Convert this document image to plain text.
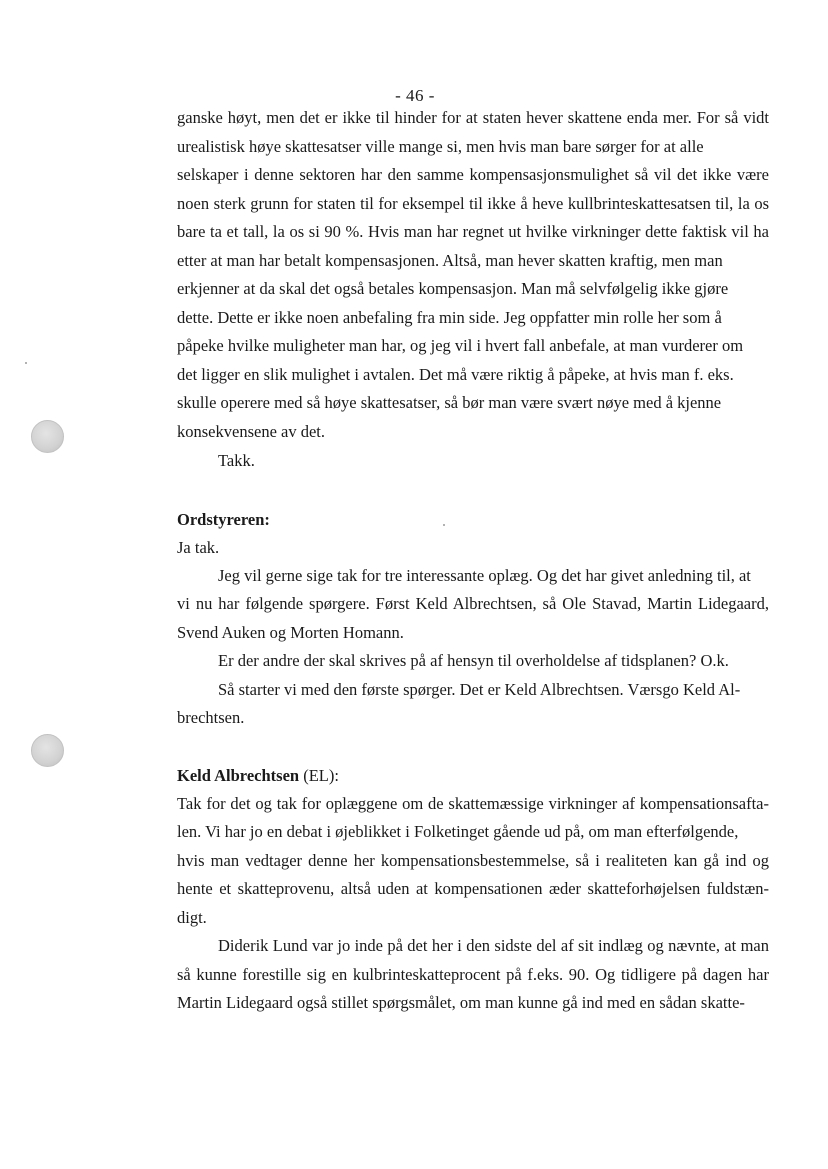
- 46 -
ganske høyt, men det er ikke til hinder for at staten hever skattene enda mer. For så vidt
urealistisk høye skattesatser ville mange si, men hvis man bare sørger for at alle
selskaper i denne sektoren har den samme kompensasjonsmulighet så vil det ikke være
noen sterk grunn for staten til for eksempel til ikke å heve kullbrinteskattesatsen til, la os
bare ta et tall, la os si 90 %. Hvis man har regnet ut hvilke virkninger dette faktisk vil ha
etter at man har betalt kompensasjonen. Altså, man hever skatten kraftig, men man
erkjenner at da skal det også betales kompensasjon. Man må selvfølgelig ikke gjøre
dette. Dette er ikke noen anbefaling fra min side. Jeg oppfatter min rolle her som å
påpeke hvilke muligheter man har, og jeg vil i hvert fall anbefale, at man vurderer om
det ligger en slik mulighet i avtalen. Det må være riktig å påpeke, at hvis man f. eks.
skulle operere med så høye skattesatser, så bør man være svært nøye med å kjenne
konsekvensene av det.
Takk.
Ordstyreren:
Ja tak.
Jeg vil gerne sige tak for tre interessante oplæg. Og det har givet anledning til, at
vi nu har følgende spørgere. Først Keld Albrechtsen, så Ole Stavad, Martin Lidegaard,
Svend Auken og Morten Homann.
Er der andre der skal skrives på af hensyn til overholdelse af tidsplanen? O.k.
Så starter vi med den første spørger. Det er Keld Albrechtsen. Værsgo Keld Al-
brechtsen.
Keld Albrechtsen (EL):
Tak for det og tak for oplæggene om de skattemæssige virkninger af kompensationsafta-
len. Vi har jo en debat i øjeblikket i Folketinget gående ud på, om man efterfølgende,
hvis man vedtager denne her kompensationsbestemmelse, så i realiteten kan gå ind og
hente et skatteprovenu, altså uden at kompensationen æder skatteforhøjelsen fuldstæn-
digt.
Diderik Lund var jo inde på det her i den sidste del af sit indlæg og nævnte, at man
så kunne forestille sig en kulbrinteskatteprocent på f.eks. 90. Og tidligere på dagen har
Martin Lidegaard også stillet spørgsmålet, om man kunne gå ind med en sådan skatte-
